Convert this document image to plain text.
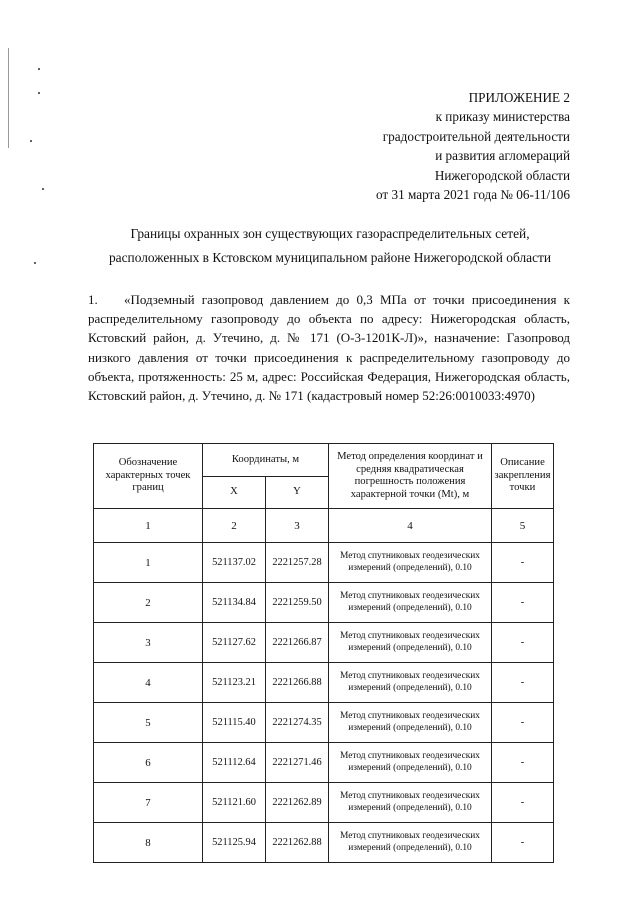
ПРИЛОЖЕНИЕ 2
к приказу министерства
градостроительной деятельности
и развития агломераций
Нижегородской области
от 31 марта 2021 года № 06-11/106
Границы охранных зон существующих газораспределительных сетей,
расположенных в Кстовском муниципальном районе Нижегородской области
1. «Подземный газопровод давлением до 0,3 МПа от точки присоединения к распределительному газопроводу до объекта по адресу: Нижегородская область, Кстовский район, д. Утечино, д. № 171 (О-3-1201К-Л)», назначение: Газопровод низкого давления от точки присоединения к распределительному газопроводу до объекта, протяженность: 25 м, адрес: Российская Федерация, Нижегородская область, Кстовский район, д. Утечино, д. № 171 (кадастровый номер 52:26:0010033:4970)
Обозначение характерных точек границ	Координаты, м		Метод определения координат и средняя квадратическая погрешность положения характерной точки (Mt), м	Описание закрепления точки
	X	Y		
1	2	3	4	5
1	521137.02	2221257.28	Метод спутниковых геодезических измерений (определений), 0.10	-
2	521134.84	2221259.50	Метод спутниковых геодезических измерений (определений), 0.10	-
3	521127.62	2221266.87	Метод спутниковых геодезических измерений (определений), 0.10	-
4	521123.21	2221266.88	Метод спутниковых геодезических измерений (определений), 0.10	-
5	521115.40	2221274.35	Метод спутниковых геодезических измерений (определений), 0.10	-
6	521112.64	2221271.46	Метод спутниковых геодезических измерений (определений), 0.10	-
7	521121.60	2221262.89	Метод спутниковых геодезических измерений (определений), 0.10	-
8	521125.94	2221262.88	Метод спутниковых геодезических измерений (определений), 0.10	-
